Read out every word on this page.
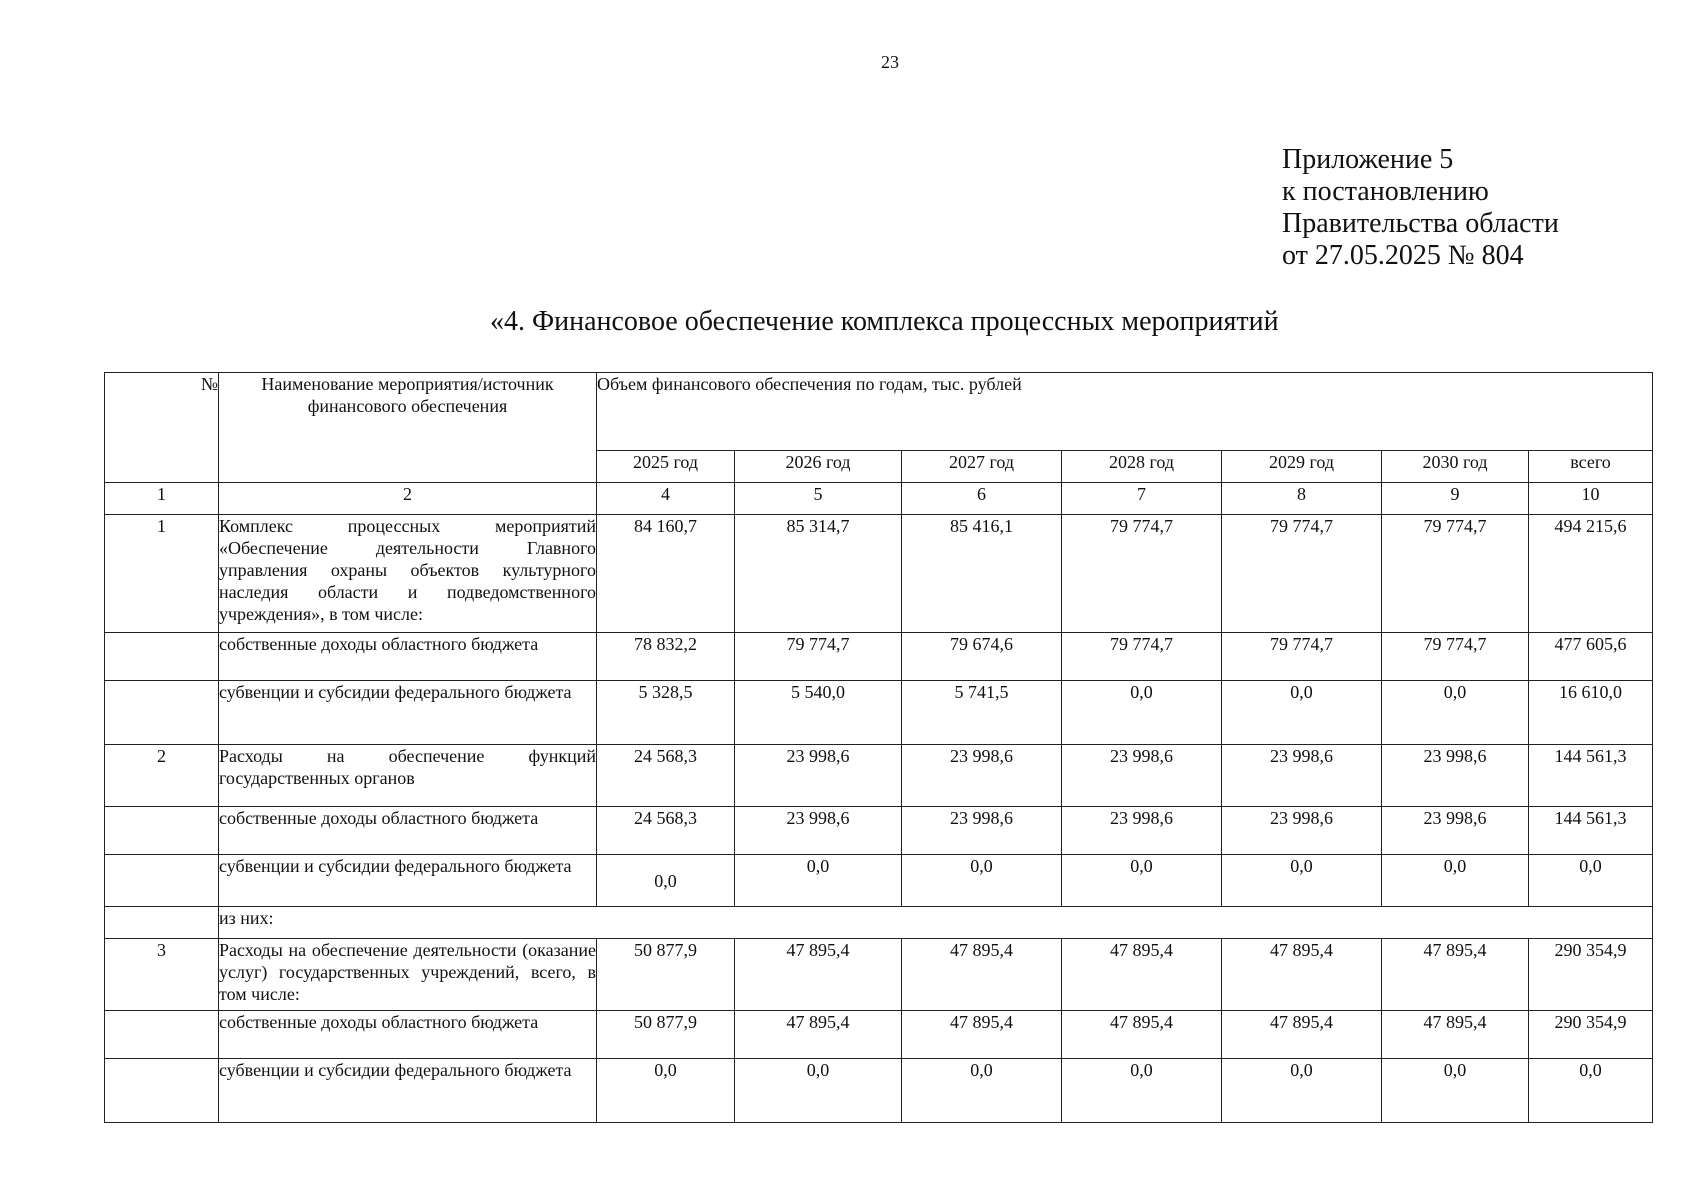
23
Приложение 5
к постановлению
Правительства области
от 27.05.2025 № 804
«4. Финансовое обеспечение комплекса процессных мероприятий
№	Наименование мероприятия/источник финансового обеспечения	Объем финансового обеспечения по годам, тыс. рублей						
		2025 год	2026 год	2027 год	2028 год	2029 год	2030 год	всего
1	2	4	5	6	7	8	9	10
1	Комплекс процессных мероприятий «Обеспечение деятельности Главного управления охраны объектов культурного наследия области и подведомственного учреждения», в том числе:	84 160,7	85 314,7	85 416,1	79 774,7	79 774,7	79 774,7	494 215,6
	собственные доходы областного бюджета	78 832,2	79 774,7	79 674,6	79 774,7	79 774,7	79 774,7	477 605,6
	субвенции и субсидии федерального бюджета	5 328,5	5 540,0	5 741,5	0,0	0,0	0,0	16 610,0
2	Расходы на обеспечение функций государственных органов	24 568,3	23 998,6	23 998,6	23 998,6	23 998,6	23 998,6	144 561,3
	собственные доходы областного бюджета	24 568,3	23 998,6	23 998,6	23 998,6	23 998,6	23 998,6	144 561,3
	субвенции и субсидии федерального бюджета	0,0	0,0	0,0	0,0	0,0	0,0	0,0
	из них:							
3	Расходы на обеспечение деятельности (оказание услуг) государственных учреждений, всего, в том числе:	50 877,9	47 895,4	47 895,4	47 895,4	47 895,4	47 895,4	290 354,9
	собственные доходы областного бюджета	50 877,9	47 895,4	47 895,4	47 895,4	47 895,4	47 895,4	290 354,9
	субвенции и субсидии федерального бюджета	0,0	0,0	0,0	0,0	0,0	0,0	0,0
